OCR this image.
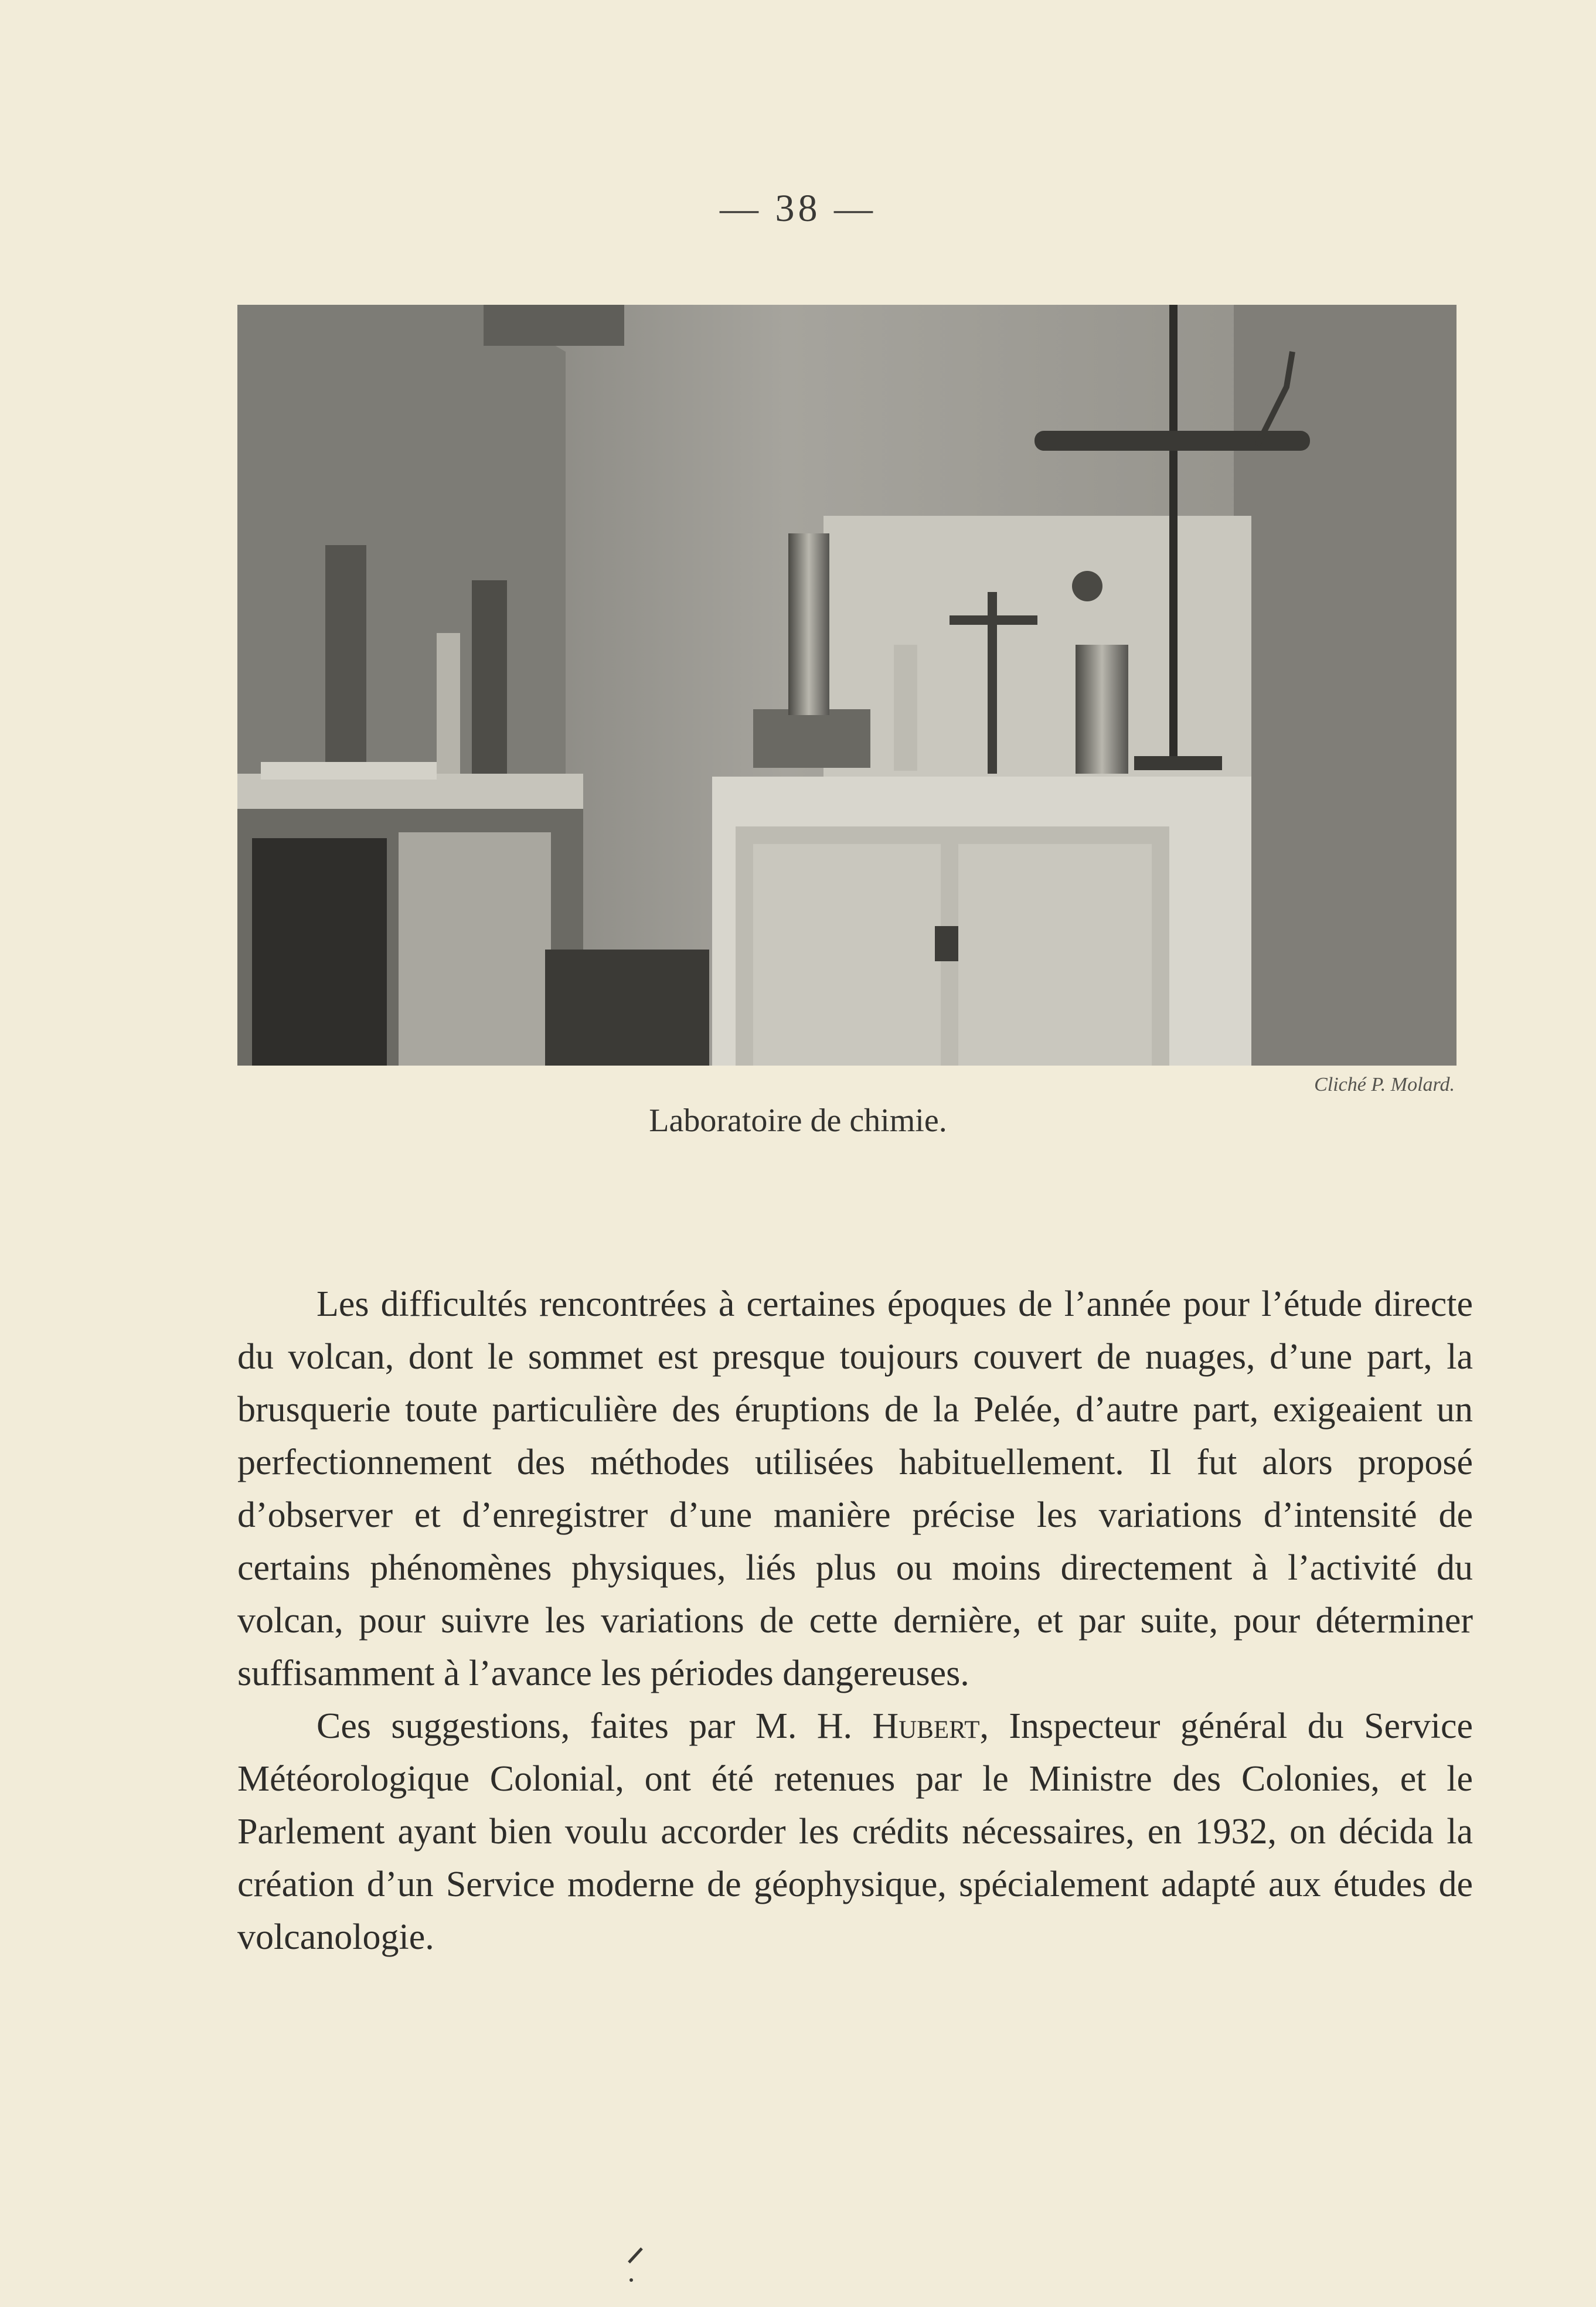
— 38 —
Cliché P. Molard.
Laboratoire de chimie.

Les difficultés rencontrées à certaines époques de l’année pour l’étude directe du volcan, dont le sommet est presque toujours couvert de nuages, d’une part, la brusquerie toute particulière des éruptions de la Pelée, d’autre part, exigeaient un perfectionnement des méthodes utilisées habituellement. Il fut alors proposé d’observer et d’enregistrer d’une manière précise les variations d’intensité de certains phénomènes physiques, liés plus ou moins directement à l’activité du volcan, pour suivre les variations de cette dernière, et par suite, pour déterminer suffisamment à l’avance les périodes dangereuses.

Ces suggestions, faites par M. H. Hubert, Inspecteur général du Service Météorologique Colonial, ont été retenues par le Ministre des Colonies, et le Parlement ayant bien voulu accorder les crédits nécessaires, en 1932, on décida la création d’un Service moderne de géophysique, spécialement adapté aux études de volcanologie.
